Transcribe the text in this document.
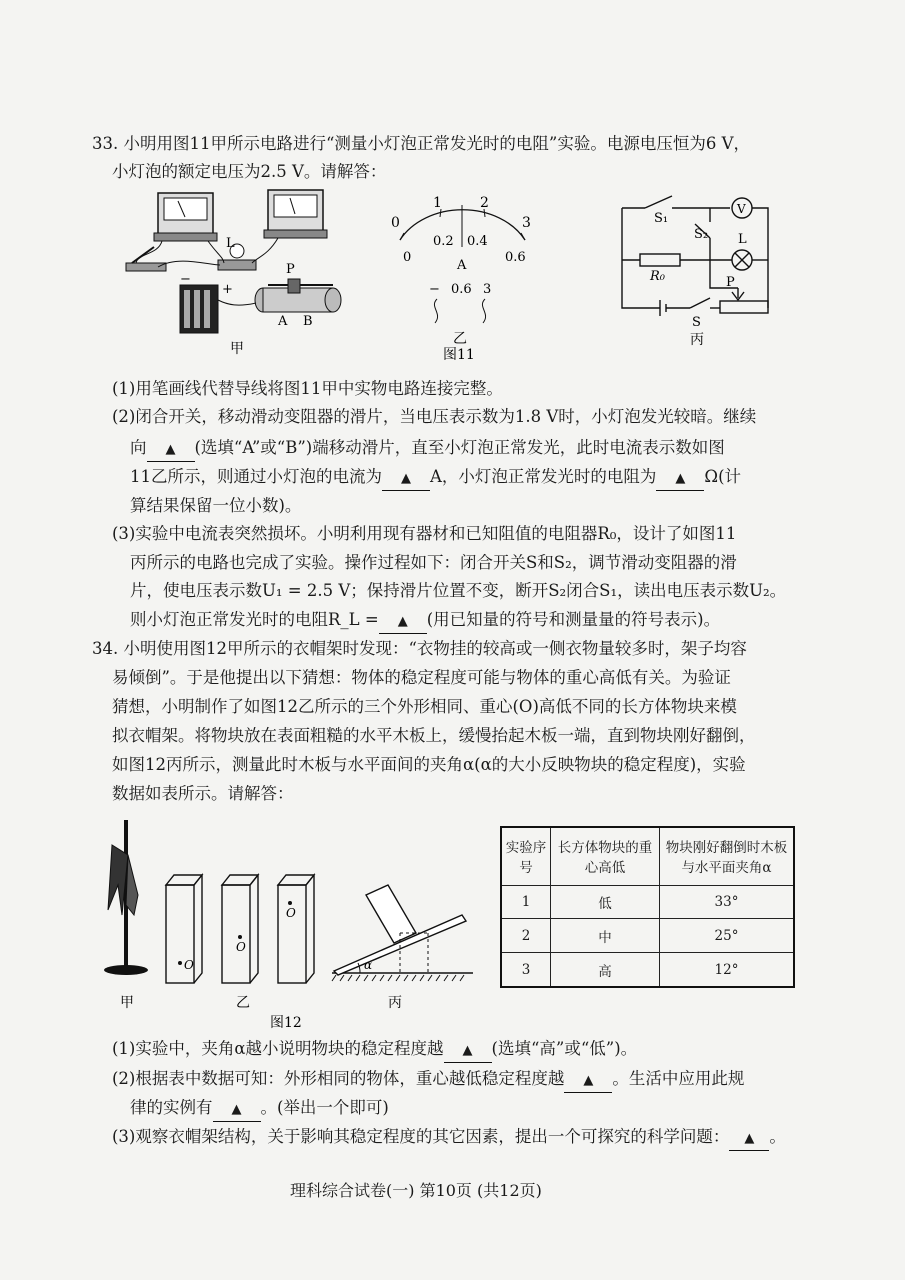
33. 小明用图11甲所示电路进行“测量小灯泡正常发光时的电阻”实验。电源电压恒为6 V，
小灯泡的额定电压为2.5 V。请解答：
L
−
+
P
A B
甲
0
1	2
3
0
0.2 0.4
0.6
A
− 0.6 3
乙
图11
S₁
V
S₂ L
R₀	P
S
丙
(1)用笔画线代替导线将图11甲中实物电路连接完整。
(2)闭合开关，移动滑动变阻器的滑片，当电压表示数为1.8 V时，小灯泡发光较暗。继续
向 ▲ (选填“A”或“B”)端移动滑片，直至小灯泡正常发光，此时电流表示数如图
11乙所示，则通过小灯泡的电流为 ▲ A，小灯泡正常发光时的电阻为 ▲ Ω(计
算结果保留一位小数)。
(3)实验中电流表突然损坏。小明利用现有器材和已知阻值的电阻器R₀，设计了如图11
丙所示的电路也完成了实验。操作过程如下：闭合开关S和S₂，调节滑动变阻器的滑
片，使电压表示数U₁ = 2.5 V；保持滑片位置不变，断开S₂闭合S₁，读出电压表示数U₂。
则小灯泡正常发光时的电阻R_L = ▲ (用已知量的符号和测量量的符号表示)。
34. 小明使用图12甲所示的衣帽架时发现：“衣物挂的较高或一侧衣物量较多时，架子均容
易倾倒”。于是他提出以下猜想：物体的稳定程度可能与物体的重心高低有关。为验证
猜想，小明制作了如图12乙所示的三个外形相同、重心(O)高低不同的长方体物块来模
拟衣帽架。将物块放在表面粗糙的水平木板上，缓慢抬起木板一端，直到物块刚好翻倒，
如图12丙所示，测量此时木板与水平面间的夹角α(α的大小反映物块的稳定程度)，实验
数据如表所示。请解答：
甲
O
O
O
乙
图12
α
丙
实验序号	长方体物块的重心高低	物块刚好翻倒时木板与水平面夹角α
1	低	33°
2	中	25°
3	高	12°
(1)实验中，夹角α越小说明物块的稳定程度越 ▲ (选填“高”或“低”)。
(2)根据表中数据可知：外形相同的物体，重心越低稳定程度越 ▲ 。生活中应用此规
律的实例有 ▲ 。(举出一个即可)
(3)观察衣帽架结构，关于影响其稳定程度的其它因素，提出一个可探究的科学问题： ▲ 。
理科综合试卷(一) 第10页 (共12页)
